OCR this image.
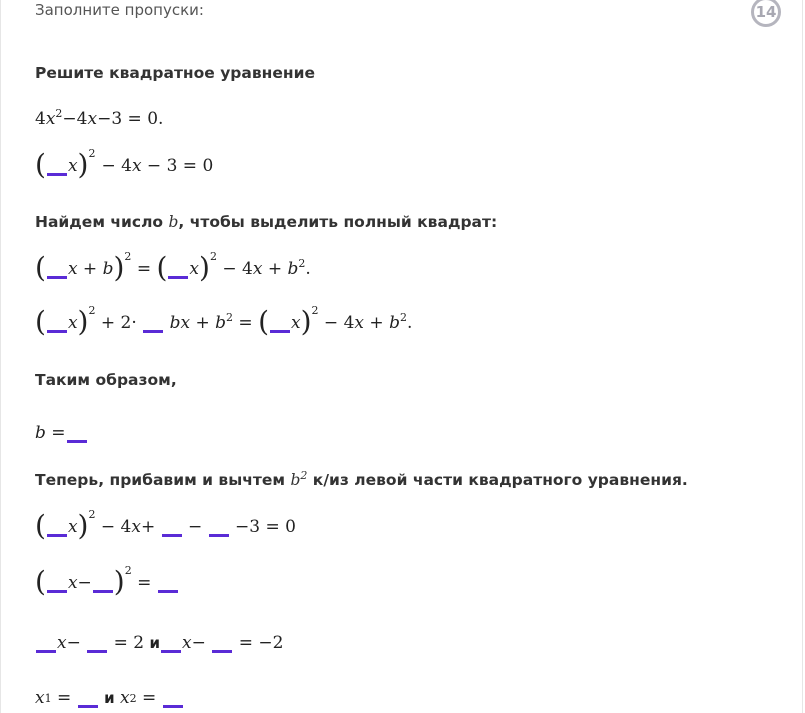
Заполните пропуски:	14
Решите квадратное уравнение
4 $x^2 -4$ x −3 = 0.
( x ) 2
− 4 x − 3 = 0
Найдем число b, чтобы выделить полный квадрат:
( x + b ) 2
= ( x ) 2
− 4 $x + b^2$ .
( x ) 2
+ 2·
bx + $b^2$ = ( x ) 2
− 4 $x + b^2$ .
Таким образом,
b =
Теперь, прибавим и вычтем $b^2$ к/из левой части квадратного уравнения.
( x ) 2
− 4 x + − −3 = 0
( x − ) 2
=
x − = 2 и x − = −2
x 1 =
и
x 2 =
